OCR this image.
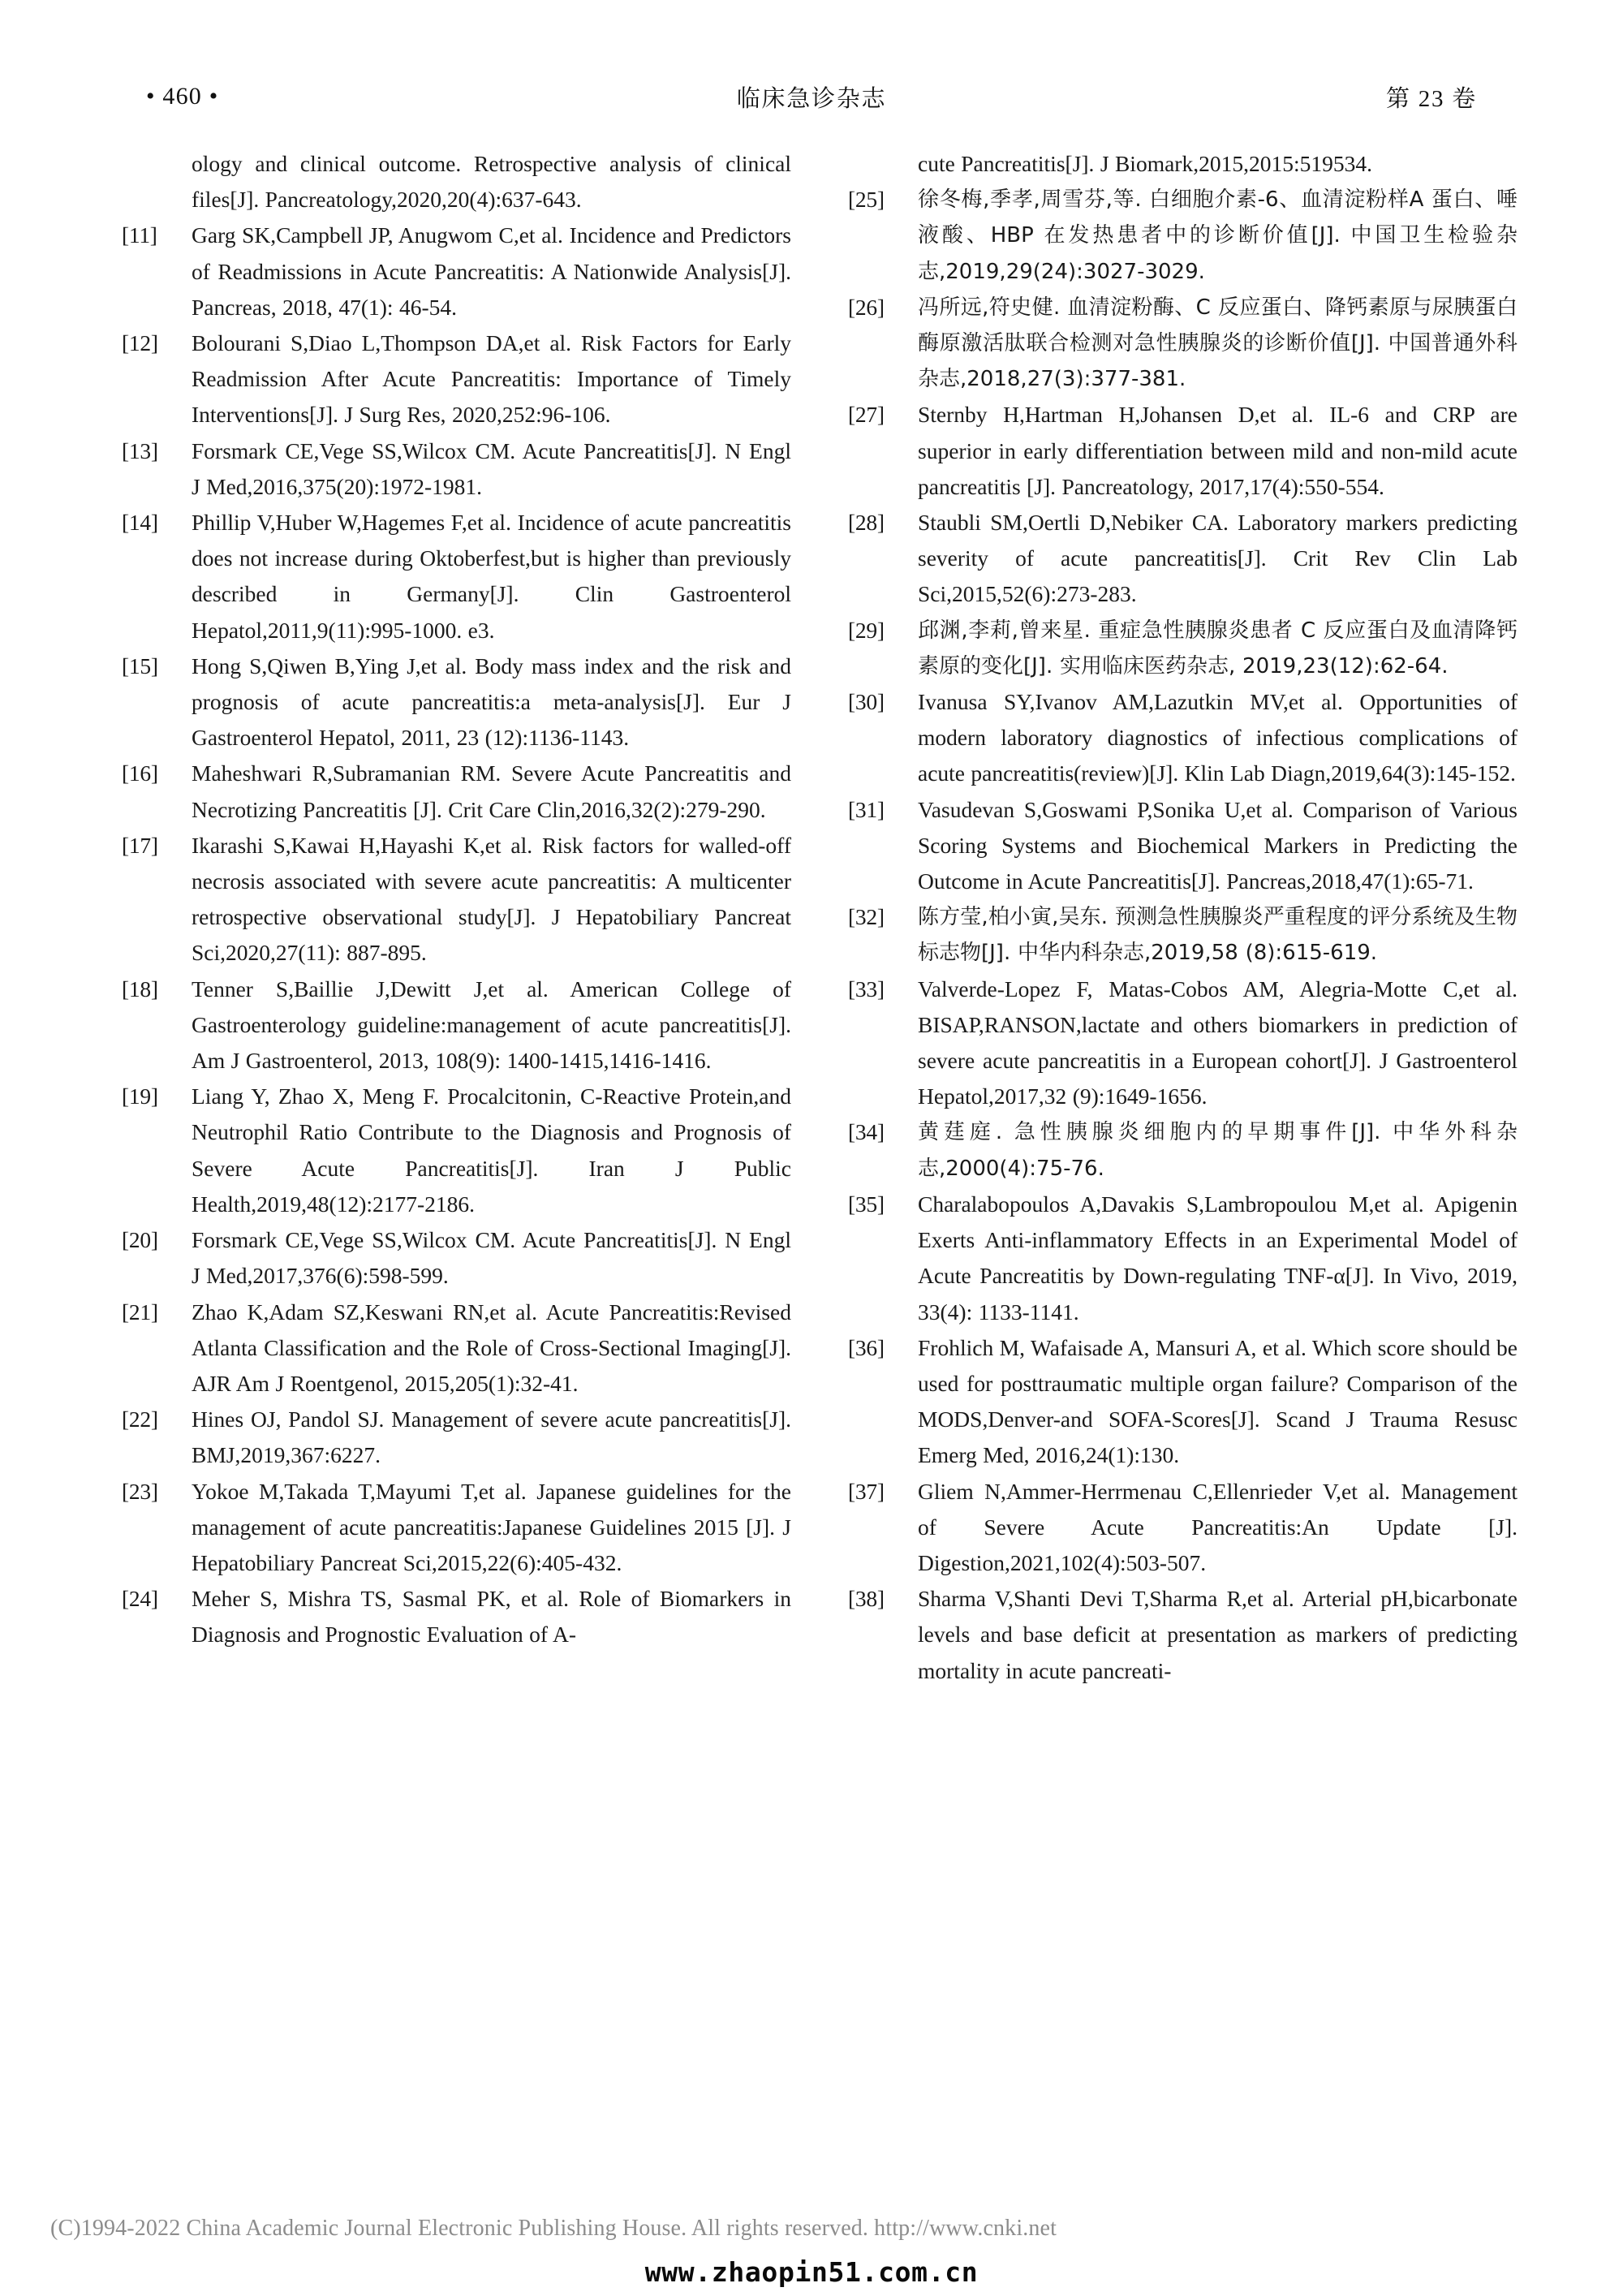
• 460 •	临床急诊杂志	第 23 卷
ology and clinical outcome. Retrospective analysis of clinical files[J]. Pancreatology,2020,20(4):637-643.
[11]	Garg SK,Campbell JP, Anugwom C,et al. Incidence and Predictors of Readmissions in Acute Pancreatitis: A Nationwide Analysis[J]. Pancreas, 2018, 47(1): 46-54.
[12]	Bolourani S,Diao L,Thompson DA,et al. Risk Factors for Early Readmission After Acute Pancreatitis: Importance of Timely Interventions[J]. J Surg Res, 2020,252:96-106.
[13]	Forsmark CE,Vege SS,Wilcox CM. Acute Pancreatitis[J]. N Engl J Med,2016,375(20):1972-1981.
[14]	Phillip V,Huber W,Hagemes F,et al. Incidence of acute pancreatitis does not increase during Oktoberfest,but is higher than previously described in Germany[J]. Clin Gastroenterol Hepatol,2011,9(11):995-1000. e3.
[15]	Hong S,Qiwen B,Ying J,et al. Body mass index and the risk and prognosis of acute pancreatitis:a meta-analysis[J]. Eur J Gastroenterol Hepatol, 2011, 23 (12):1136-1143.
[16]	Maheshwari R,Subramanian RM. Severe Acute Pancreatitis and Necrotizing Pancreatitis [J]. Crit Care Clin,2016,32(2):279-290.
[17]	Ikarashi S,Kawai H,Hayashi K,et al. Risk factors for walled-off necrosis associated with severe acute pancreatitis: A multicenter retrospective observational study[J]. J Hepatobiliary Pancreat Sci,2020,27(11): 887-895.
[18]	Tenner S,Baillie J,Dewitt J,et al. American College of Gastroenterology guideline:management of acute pancreatitis[J]. Am J Gastroenterol, 2013, 108(9): 1400-1415,1416-1416.
[19]	Liang Y, Zhao X, Meng F. Procalcitonin, C-Reactive Protein,and Neutrophil Ratio Contribute to the Diagnosis and Prognosis of Severe Acute Pancreatitis[J]. Iran J Public Health,2019,48(12):2177-2186.
[20]	Forsmark CE,Vege SS,Wilcox CM. Acute Pancreatitis[J]. N Engl J Med,2017,376(6):598-599.
[21]	Zhao K,Adam SZ,Keswani RN,et al. Acute Pancreatitis:Revised Atlanta Classification and the Role of Cross-Sectional Imaging[J]. AJR Am J Roentgenol, 2015,205(1):32-41.
[22]	Hines OJ, Pandol SJ. Management of severe acute pancreatitis[J]. BMJ,2019,367:6227.
[23]	Yokoe M,Takada T,Mayumi T,et al. Japanese guidelines for the management of acute pancreatitis:Japanese Guidelines 2015 [J]. J Hepatobiliary Pancreat Sci,2015,22(6):405-432.
[24]	Meher S, Mishra TS, Sasmal PK, et al. Role of Biomarkers in Diagnosis and Prognostic Evaluation of A-
cute Pancreatitis[J]. J Biomark,2015,2015:519534.
[25]	徐冬梅,季孝,周雪芬,等. 白细胞介素-6、血清淀粉样A 蛋白、唾液酸、HBP 在发热患者中的诊断价值[J]. 中国卫生检验杂志,2019,29(24):3027-3029.
[26]	冯所远,符史健. 血清淀粉酶、C 反应蛋白、降钙素原与尿胰蛋白酶原激活肽联合检测对急性胰腺炎的诊断价值[J]. 中国普通外科杂志,2018,27(3):377-381.
[27]	Sternby H,Hartman H,Johansen D,et al. IL-6 and CRP are superior in early differentiation between mild and non-mild acute pancreatitis [J]. Pancreatology, 2017,17(4):550-554.
[28]	Staubli SM,Oertli D,Nebiker CA. Laboratory markers predicting severity of acute pancreatitis[J]. Crit Rev Clin Lab Sci,2015,52(6):273-283.
[29]	邱渊,李莉,曾来星. 重症急性胰腺炎患者 C 反应蛋白及血清降钙素原的变化[J]. 实用临床医药杂志, 2019,23(12):62-64.
[30]	Ivanusa SY,Ivanov AM,Lazutkin MV,et al. Opportunities of modern laboratory diagnostics of infectious complications of acute pancreatitis(review)[J]. Klin Lab Diagn,2019,64(3):145-152.
[31]	Vasudevan S,Goswami P,Sonika U,et al. Comparison of Various Scoring Systems and Biochemical Markers in Predicting the Outcome in Acute Pancreatitis[J]. Pancreas,2018,47(1):65-71.
[32]	陈方莹,柏小寅,吴东. 预测急性胰腺炎严重程度的评分系统及生物标志物[J]. 中华内科杂志,2019,58 (8):615-619.
[33]	Valverde-Lopez F, Matas-Cobos AM, Alegria-Motte C,et al. BISAP,RANSON,lactate and others biomarkers in prediction of severe acute pancreatitis in a European cohort[J]. J Gastroenterol Hepatol,2017,32 (9):1649-1656.
[34]	黄莛庭. 急性胰腺炎细胞内的早期事件[J]. 中华外科杂志,2000(4):75-76.
[35]	Charalabopoulos A,Davakis S,Lambropoulou M,et al. Apigenin Exerts Anti-inflammatory Effects in an Experimental Model of Acute Pancreatitis by Down-regulating TNF-α[J]. In Vivo, 2019, 33(4): 1133-1141.
[36]	Frohlich M, Wafaisade A, Mansuri A, et al. Which score should be used for posttraumatic multiple organ failure? Comparison of the MODS,Denver-and SOFA-Scores[J]. Scand J Trauma Resusc Emerg Med, 2016,24(1):130.
[37]	Gliem N,Ammer-Herrmenau C,Ellenrieder V,et al. Management of Severe Acute Pancreatitis:An Update [J]. Digestion,2021,102(4):503-507.
[38]	Sharma V,Shanti Devi T,Sharma R,et al. Arterial pH,bicarbonate levels and base deficit at presentation as markers of predicting mortality in acute pancreati-
(C)1994-2022 China Academic Journal Electronic Publishing House. All rights reserved. http://www.cnki.net
www.zhaopin51.com.cn
